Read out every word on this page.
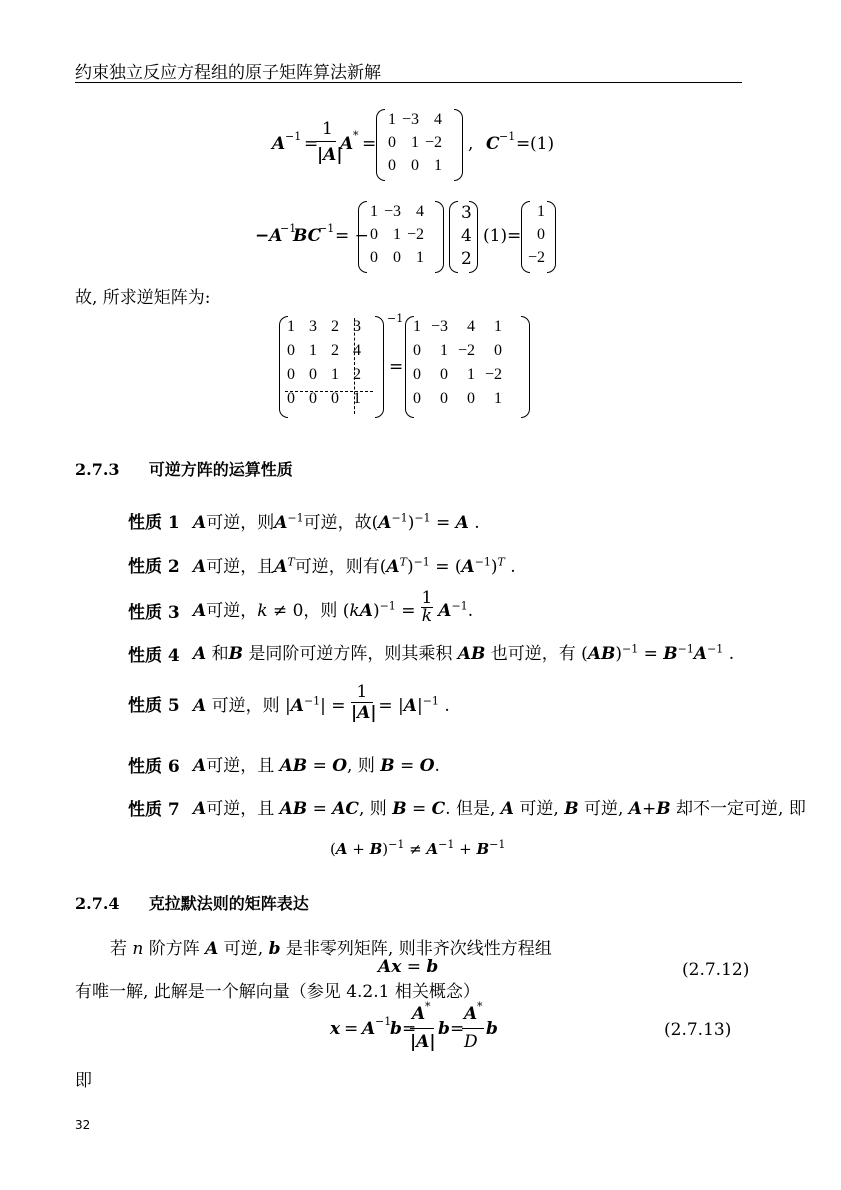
约束独立反应方程组的原子矩阵算法新解
A −1 =
1
|A|
A * =
1 −3 4
0 1 −2
0 0 1
, C −1 = (1)
−A
−1
BC
−1 = −
1 −3 4
0 1 −2
0 0 1
3
4
2
(1) =
1
0
−2
故, 所求逆矩阵为:
1 3 2 3
0 1 2 4
0 0 1 2
0 0 0 1
−1
=
1 −3	4	1
0	1 −2	0
0	0	1 −2
0	0	0	1
2.7.3 可逆方阵的运算性质
性质 1 A可逆，则$A^{-1}$可逆，故$(A^{-1})^{-1} = A$ .
性质 2 A可逆，且$A^T$可逆，则有$(A^T)^{-1} = (A^{-1})^T$ .
性质 3 A可逆，k ≠ 0，则 $(kA)^{-1} = \frac{1}{k} A^{-1}$.
性质 4 A 和B 是同阶可逆方阵，则其乘积 AB 也可逆，有 $(AB)^{-1} = B^{-1}A^{-1}$ .
性质 5 A 可逆，则 $|A^{-1}| = \frac{1}{|A|} = |A|^{-1}$ .
性质 6 A可逆，且 AB = O, 则 B = O.
性质 7 A可逆，且 AB = AC, 则 B = C. 但是, A 可逆, B 可逆, A+B 却不一定可逆, 即
$(A + B)^{-1} \ne A^{-1} + B^{-1}$
2.7.4 克拉默法则的矩阵表达
若 n 阶方阵 A 可逆, b 是非零列矩阵, 则非齐次线性方程组
Ax = b	(2.7.12)
有唯一解, 此解是一个解向量（参见 4.2.1 相关概念）
x = A −1
b =
A *
|A|
b =
A *
D
b	(2.7.13)
即
32
